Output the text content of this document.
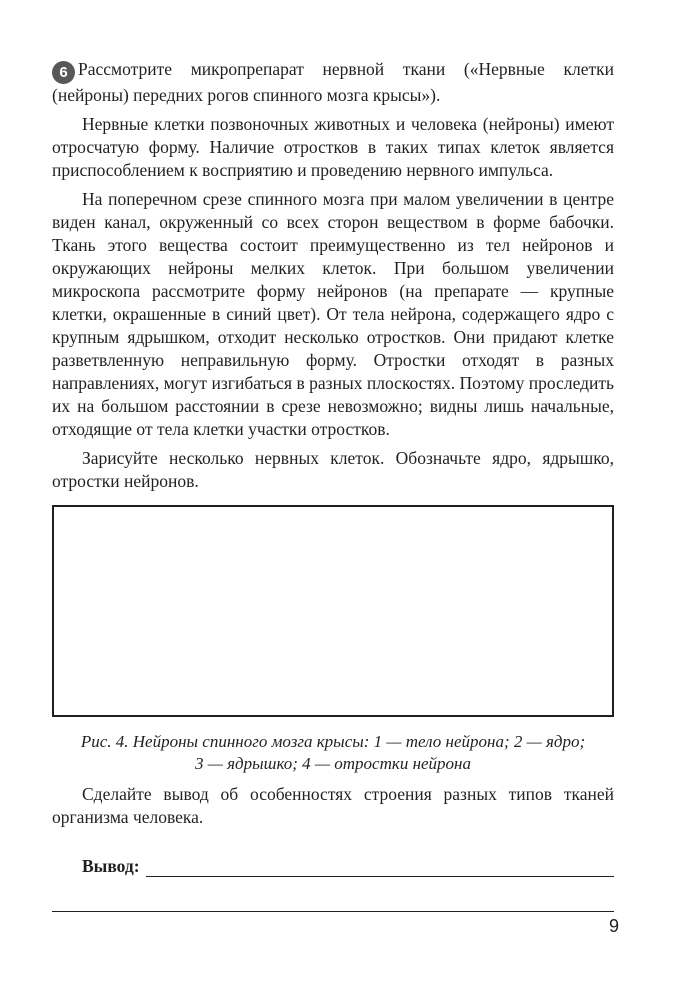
6 Рассмотрите микропрепарат нервной ткани («Нервные клетки (нейроны) передних рогов спинного мозга крысы»).

Нервные клетки позвоночных животных и человека (нейроны) имеют отросчатую форму. Наличие отростков в таких типах клеток является приспособлением к восприятию и проведению нервного импульса.

На поперечном срезе спинного мозга при малом увеличении в центре виден канал, окруженный со всех сторон веществом в форме бабочки. Ткань этого вещества состоит преимущественно из тел нейронов и окружающих нейроны мелких клеток. При большом увеличении микроскопа рассмотрите форму нейронов (на препарате — крупные клетки, окрашенные в синий цвет). От тела нейрона, содержащего ядро с крупным ядрышком, отходит несколько отростков. Они придают клетке разветвленную неправильную форму. Отростки отходят в разных направлениях, могут изгибаться в разных плоскостях. Поэтому проследить их на большом расстоянии в срезе невозможно; видны лишь начальные, отходящие от тела клетки участки отростков.

Зарисуйте несколько нервных клеток. Обозначьте ядро, ядрышко, отростки нейронов.

Рис. 4. Нейроны спинного мозга крысы: 1 — тело нейрона; 2 — ядро;
3 — ядрышко; 4 — отростки нейрона

Сделайте вывод об особенностях строения разных типов тканей организма человека.

Вывод:
9
